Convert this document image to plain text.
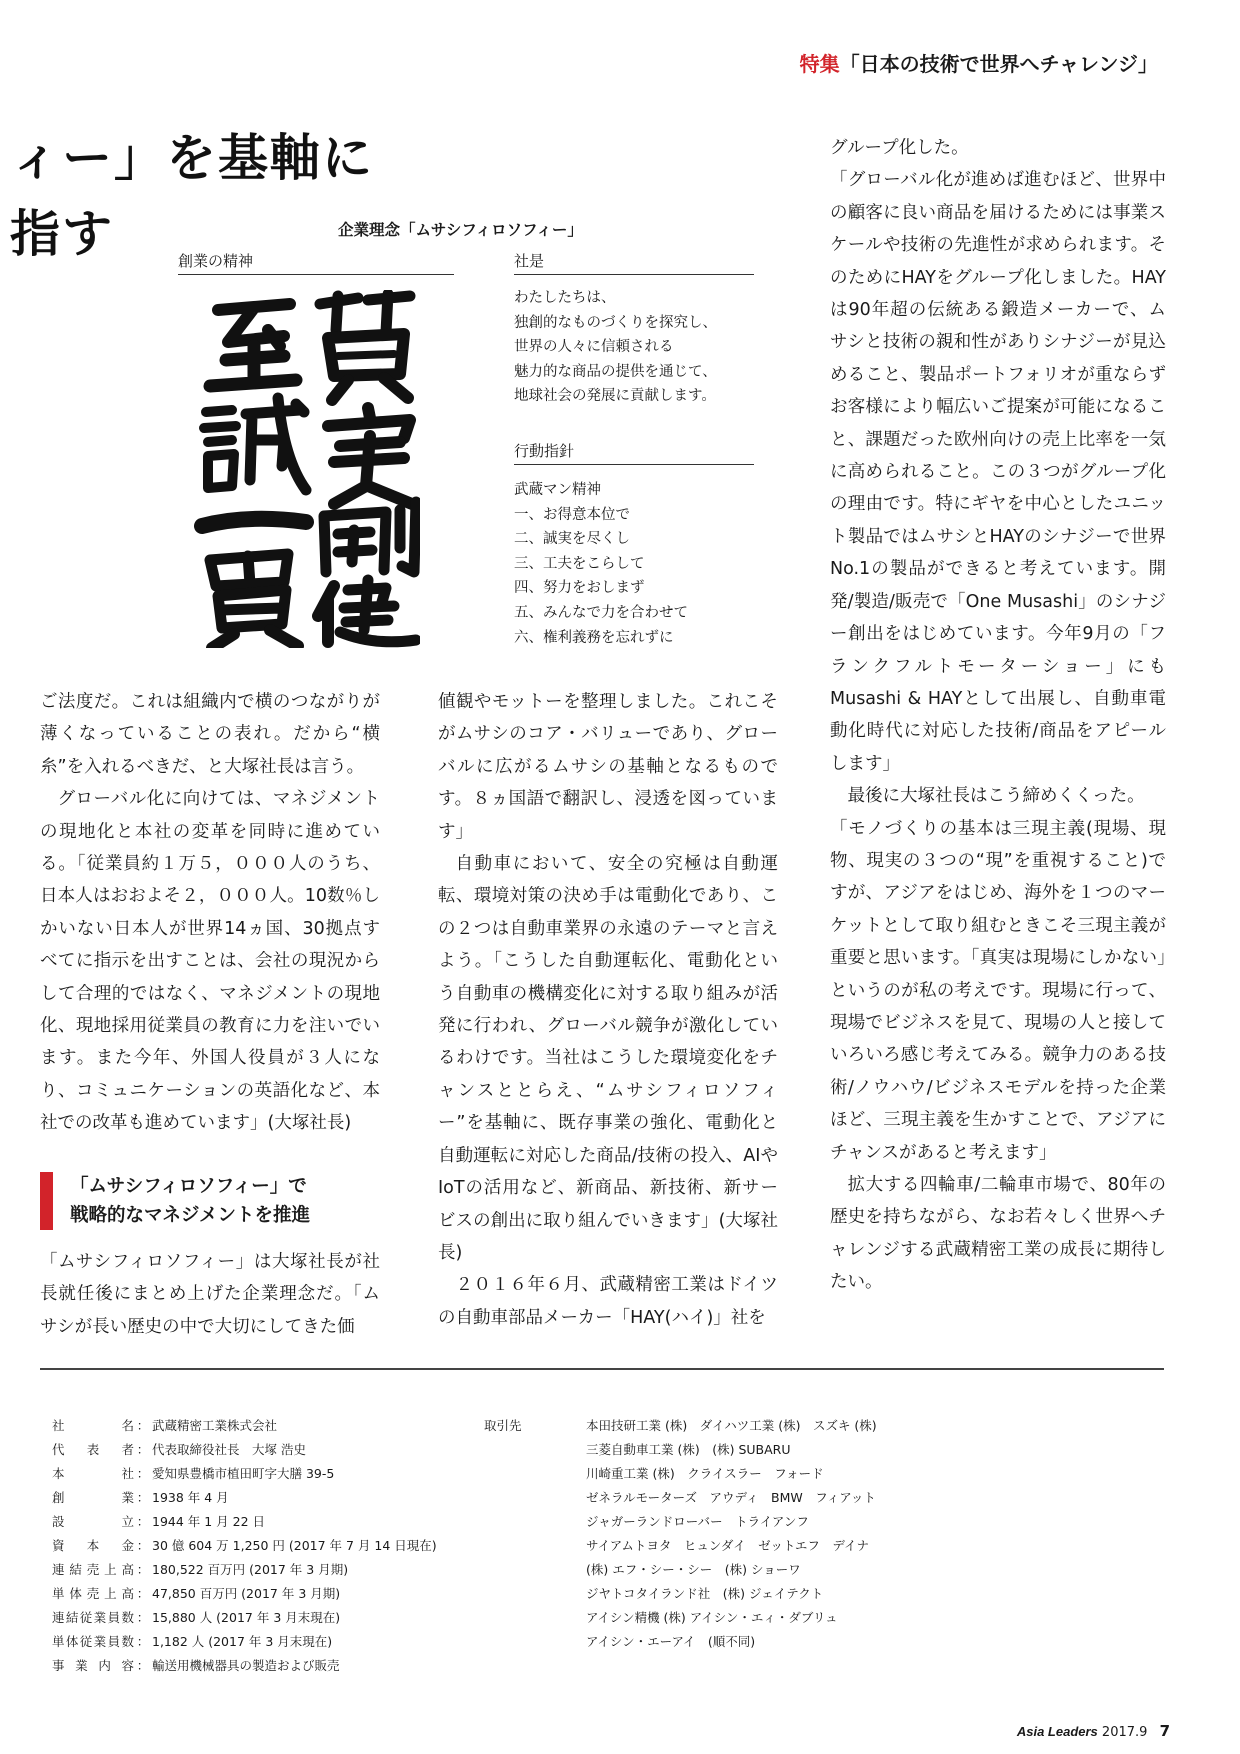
特集「日本の技術で世界へチャレンジ」
ィー」を基軸に
指す	企業理念「ムサシフィロソフィー」
創業の精神	社是
わたしたちは、
独創的なものづくりを探究し、
世界の人々に信頼される
魅力的な商品の提供を通じて、
地球社会の発展に貢献します。
行動指針
武蔵マン精神
一、お得意本位で
二、誠実を尽くし
三、工夫をこらして
四、努力をおしまず
五、みんなで力を合わせて
六、権利義務を忘れずに

ご法度だ。これは組織内で横のつながりが薄くなっていることの表れ。だから“横糸”を入れるべきだ、と大塚社長は言う。

グローバル化に向けては、マネジメントの現地化と本社の変革を同時に進めている。「従業員約１万５，０００人のうち、日本人はおおよそ２，０００人。10数％しかいない日本人が世界14ヵ国、30拠点すべてに指示を出すことは、会社の現況からして合理的ではなく、マネジメントの現地化、現地採用従業員の教育に力を注いでいます。また今年、外国人役員が３人になり、コミュニケーションの英語化など、本社での改革も進めています」(大塚社長)

「ムサシフィロソフィー」で
戦略的なマネジメントを推進

「ムサシフィロソフィー」は大塚社長が社長就任後にまとめ上げた企業理念だ。「ムサシが長い歴史の中で大切にしてきた価

値観やモットーを整理しました。これこそがムサシのコア・バリューであり、グローバルに広がるムサシの基軸となるものです。８ヵ国語で翻訳し、浸透を図っています」

自動車において、安全の究極は自動運転、環境対策の決め手は電動化であり、この２つは自動車業界の永遠のテーマと言えよう。「こうした自動運転化、電動化という自動車の機構変化に対する取り組みが活発に行われ、グローバル競争が激化しているわけです。当社はこうした環境変化をチャンスととらえ、“ムサシフィロソフィー”を基軸に、既存事業の強化、電動化と自動運転に対応した商品/技術の投入、AIやIoTの活用など、新商品、新技術、新サービスの創出に取り組んでいきます」(大塚社長)

２０１６年６月、武蔵精密工業はドイツの自動車部品メーカー「HAY(ハイ)」社を

グループ化した。

「グローバル化が進めば進むほど、世界中の顧客に良い商品を届けるためには事業スケールや技術の先進性が求められます。そのためにHAYをグループ化しました。HAYは90年超の伝統ある鍛造メーカーで、ムサシと技術の親和性がありシナジーが見込めること、製品ポートフォリオが重ならずお客様により幅広いご提案が可能になること、課題だった欧州向けの売上比率を一気に高められること。この３つがグループ化の理由です。特にギヤを中心としたユニット製品ではムサシとHAYのシナジーで世界No.1の製品ができると考えています。開発/製造/販売で「One Musashi」のシナジー創出をはじめています。今年9月の「フランクフルトモーターショー」にもMusashi & HAYとして出展し、自動車電動化時代に対応した技術/商品をアピールします」

最後に大塚社長はこう締めくくった。

「モノづくりの基本は三現主義(現場、現物、現実の３つの“現”を重視すること)ですが、アジアをはじめ、海外を１つのマーケットとして取り組むときこそ三現主義が重要と思います。「真実は現場にしかない」というのが私の考えです。現場に行って、現場でビジネスを見て、現場の人と接していろいろ感じ考えてみる。競争力のある技術/ノウハウ/ビジネスモデルを持った企業ほど、三現主義を生かすことで、アジアにチャンスがあると考えます」

拡大する四輪車/二輪車市場で、80年の歴史を持ちながら、なお若々しく世界へチャレンジする武蔵精密工業の成長に期待したい。

社	名 ： 武蔵精密工業株式会社
代 表 者 ： 代表取締役社長　大塚 浩史
本	社 ： 愛知県豊橋市植田町字大膳 39-5
創	業 ： 1938 年 4 月
設	立 ： 1944 年 1 月 22 日
資 本 金 ： 30 億 604 万 1,250 円 (2017 年 7 月 14 日現在)
連 結 売 上 高 ： 180,522 百万円 (2017 年 3 月期)
単 体 売 上 高 ： 47,850 百万円 (2017 年 3 月期)
連 結 従 業 員 数 ： 15,880 人 (2017 年 3 月末現在)
単 体 従 業 員 数 ： 1,182 人 (2017 年 3 月末現在)
事 業 内 容 ： 輸送用機械器具の製造および販売
取引先	本田技研工業 (株)　ダイハツ工業 (株)　スズキ (株)
三菱自動車工業 (株)　(株) SUBARU
川崎重工業 (株)　クライスラー　フォード
ゼネラルモーターズ　アウディ　BMW　フィアット
ジャガーランドローバー　トライアンフ
サイアムトヨタ　ヒュンダイ　ゼットエフ　デイナ
(株) エフ・シー・シー　(株) ショーワ
ジヤトコタイランド社　(株) ジェイテクト
アイシン精機 (株) アイシン・エィ・ダブリュ
アイシン・エーアイ　(順不同)
Asia Leaders 2017.9 7
